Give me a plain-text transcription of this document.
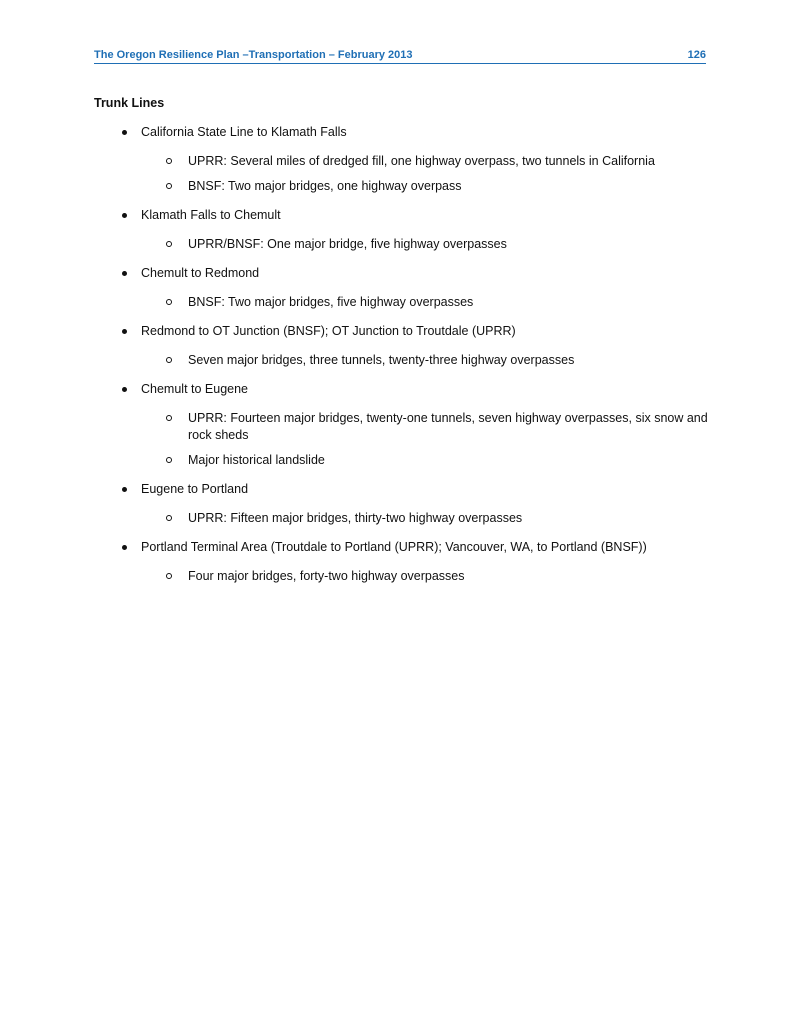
The Oregon Resilience Plan –Transportation – February 2013	126
Trunk Lines
California State Line to Klamath Falls
UPRR: Several miles of dredged fill, one highway overpass, two tunnels in California
BNSF: Two major bridges, one highway overpass
Klamath Falls to Chemult
UPRR/BNSF: One major bridge, five highway overpasses
Chemult to Redmond
BNSF: Two major bridges, five highway overpasses
Redmond to OT Junction (BNSF); OT Junction to Troutdale (UPRR)
Seven major bridges, three tunnels, twenty-three highway overpasses
Chemult to Eugene
UPRR: Fourteen major bridges, twenty-one tunnels, seven highway overpasses, six snow and rock sheds
Major historical landslide
Eugene to Portland
UPRR: Fifteen major bridges, thirty-two highway overpasses
Portland Terminal Area (Troutdale to Portland (UPRR); Vancouver, WA, to Portland (BNSF))
Four major bridges, forty-two highway overpasses
